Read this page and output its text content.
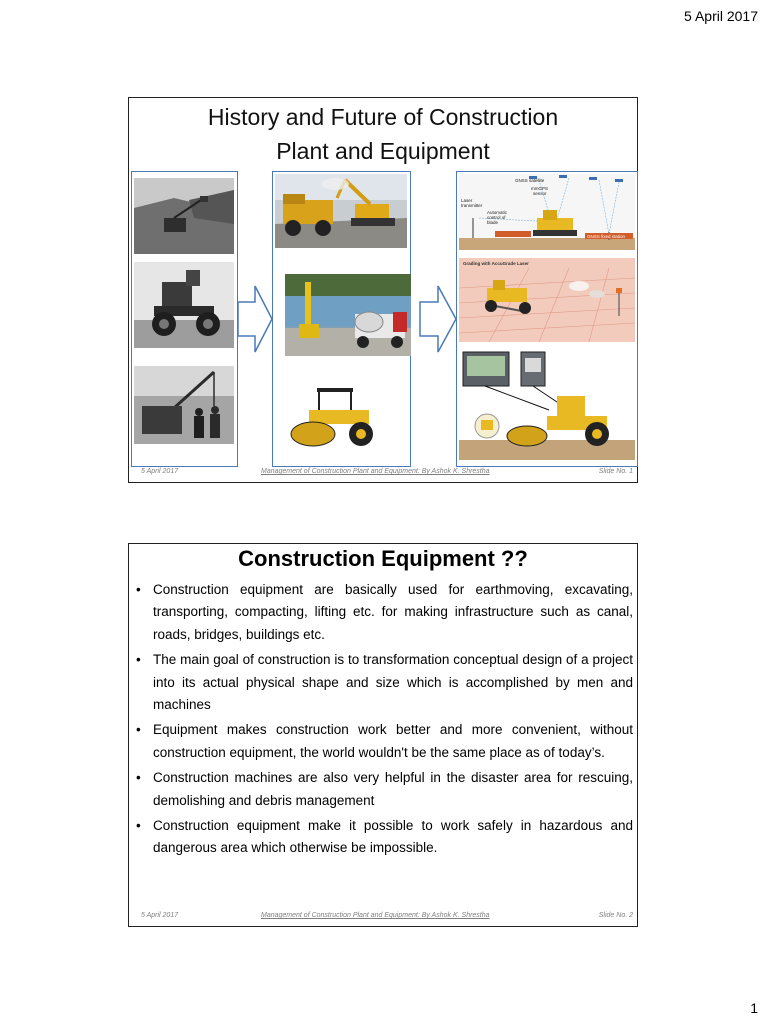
5 April 2017
History and Future of Construction
Plant and Equipment
GNSS satellite
mmGPS
sensor
Laser
transmitter
Automatic
control of
blade
GNSS fixed station
Grading with AccuGrade Laser
5 April 2017	Management of Construction Plant and Equipment: By Ashok K. Shrestha	Slide No. 1
Construction Equipment ??
• Construction equipment are basically used for earthmoving, excavating, transporting, compacting, lifting etc. for making infrastructure such as canal, roads, bridges, buildings etc.
• The main goal of construction is to transformation conceptual design of a project into its actual physical shape and size which is accomplished by men and machines
• Equipment makes construction work better and more convenient, without construction equipment, the world wouldn't be the same place as of today’s.
• Construction machines are also very helpful in the disaster area for rescuing, demolishing and debris management
• Construction equipment make it possible to work safely in hazardous and dangerous area which otherwise be impossible.
5 April 2017	Management of Construction Plant and Equipment: By Ashok K. Shrestha	Slide No. 2
1
